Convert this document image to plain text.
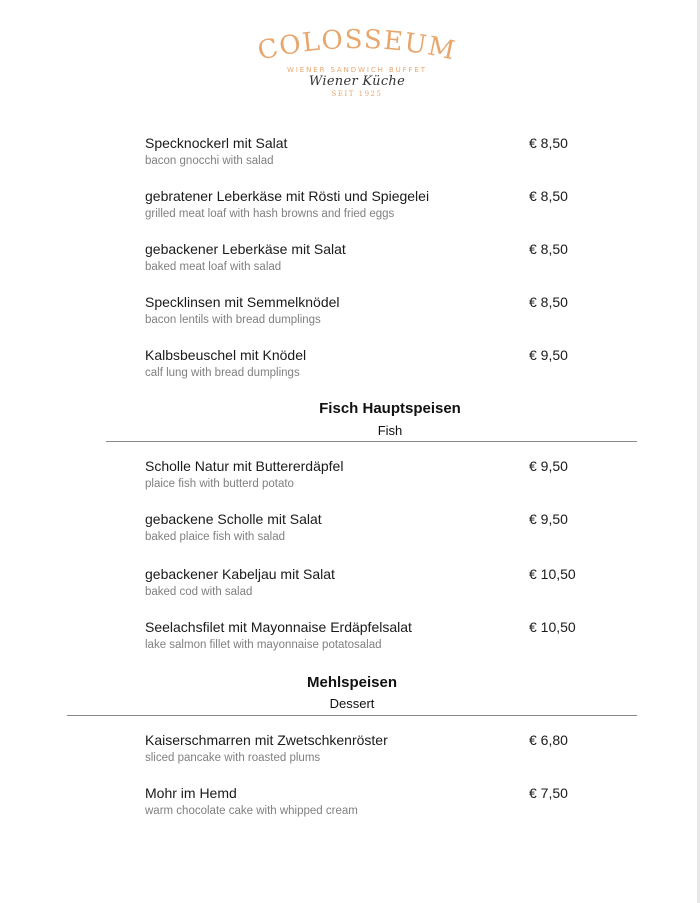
COLOSSEUM
WIENER SANDWICH BUFFET
Wiener Küche
SEIT 1925
Specknockerl mit Salat
bacon gnocchi with salad
€ 8,50
gebratener Leberkäse mit Rösti und Spiegelei
grilled meat loaf with hash browns and fried eggs
€ 8,50
gebackener Leberkäse mit Salat
baked meat loaf with salad
€ 8,50
Specklinsen mit Semmelknödel
bacon lentils with bread dumplings
€ 8,50
Kalbsbeuschel mit Knödel
calf lung with bread dumplings
€ 9,50
Fisch Hauptspeisen
Fish
Scholle Natur mit Buttererdäpfel
plaice fish with butterd potato
€ 9,50
gebackene Scholle mit Salat
baked plaice fish with salad
€ 9,50
gebackener Kabeljau mit Salat
baked cod with salad
€ 10,50
Seelachsfilet mit Mayonnaise Erdäpfelsalat
lake salmon fillet with mayonnaise potatosalad
€ 10,50
Mehlspeisen
Dessert
Kaiserschmarren mit Zwetschkenröster
sliced pancake with roasted plums
€ 6,80
Mohr im Hemd
warm chocolate cake with whipped cream
€ 7,50
